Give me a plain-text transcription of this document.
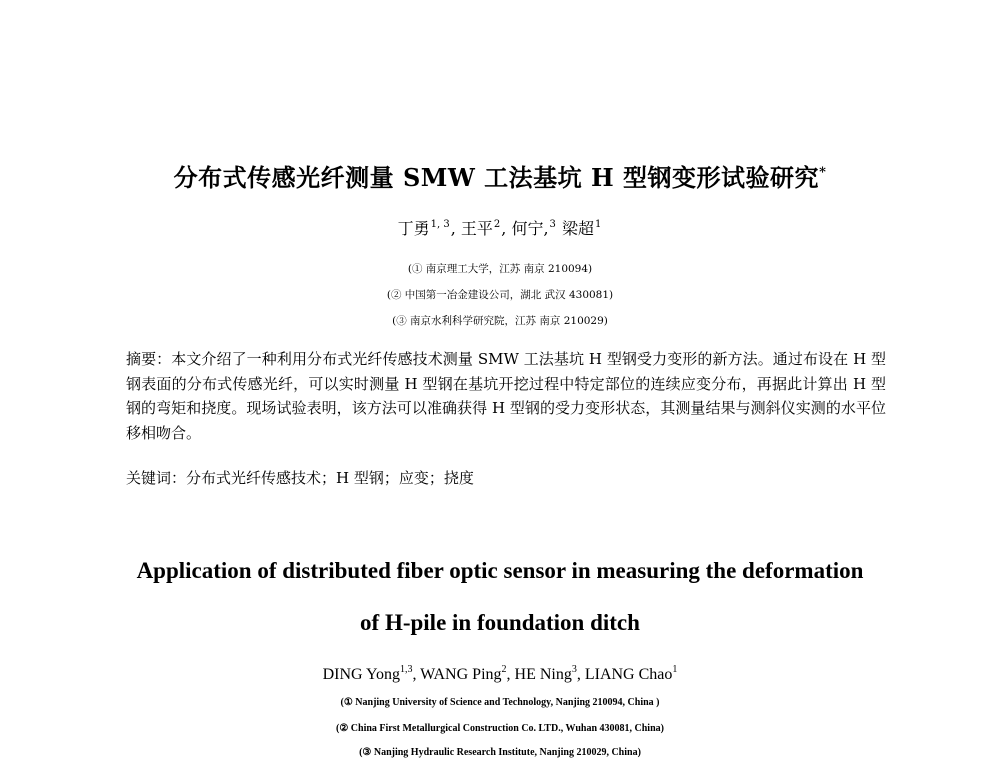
分布式传感光纤测量 SMW 工法基坑 H 型钢变形试验研究*
丁勇$^{1, 3}$, 王平$^2$, 何宁,$^3$ 梁超$^1$
(① 南京理工大学，江苏 南京 210094)
(② 中国第一冶金建设公司，湖北 武汉 430081)
(③ 南京水利科学研究院，江苏 南京 210029)

摘要：本文介绍了一种利用分布式光纤传感技术测量 SMW 工法基坑 H 型钢受力变形的新方法。通过布设在 H 型钢表面的分布式传感光纤，可以实时测量 H 型钢在基坑开挖过程中特定部位的连续应变分布，再据此计算出 H 型钢的弯矩和挠度。现场试验表明，该方法可以准确获得 H 型钢的受力变形状态，其测量结果与测斜仪实测的水平位移相吻合。

关键词：分布式光纤传感技术；H 型钢；应变；挠度

Application of distributed fiber optic sensor in measuring the deformation
of H-pile in foundation ditch
DING Yong$^{1,3}$, WANG Ping$^2$, HE Ning$^3$, LIANG Chao$^1$
(① Nanjing University of Science and Technology, Nanjing 210094, China )
(② China First Metallurgical Construction Co. LTD., Wuhan 430081, China)
(③ Nanjing Hydraulic Research Institute, Nanjing 210029, China)
